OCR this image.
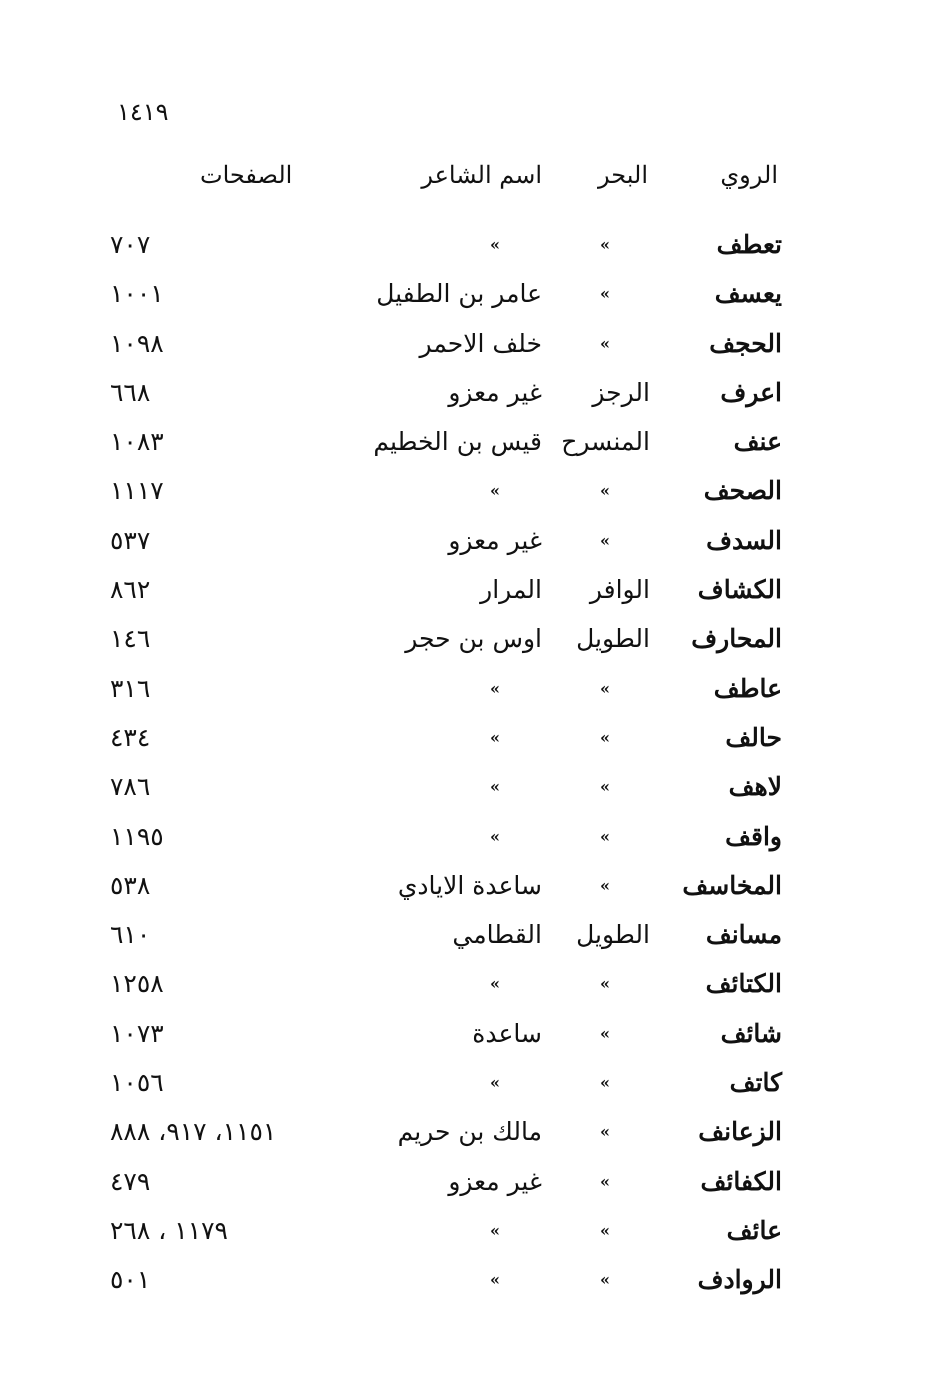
١٤١٩
الروي
البحر
اسم الشاعر
الصفحات
تعطف
»
»
٧٠٧
يعسف
»
عامر بن الطفيل
١٠٠١
الحجف
»
خلف الاحمر
١٠٩٨
اعرف
الرجز
غير معزو
٦٦٨
عنف
المنسرح
قيس بن الخطيم
١٠٨٣
الصحف
»
»
١١١٧
السدف
»
غير معزو
٥٣٧
الكشاف
الوافر
المرار
٨٦٢
المحارف
الطويل
اوس بن حجر
١٤٦
عاطف
»
»
٣١٦
حالف
»
»
٤٣٤
لاهف
»
»
٧٨٦
واقف
»
»
١١٩٥
المخاسف
»
ساعدة الايادي
٥٣٨
مسانف
الطويل
القطامي
٦١٠
الكتائف
»
»
١٢٥٨
شائف
»
ساعدة
١٠٧٣
كاتف
»
»
١٠٥٦
الزعانف
»
مالك بن حريم
١١٥١، ٩١٧، ٨٨٨
الكفائف
»
غير معزو
٤٧٩
عائف
»
»
١١٧٩ ، ٢٦٨
الروادف
»
»
٥٠١
